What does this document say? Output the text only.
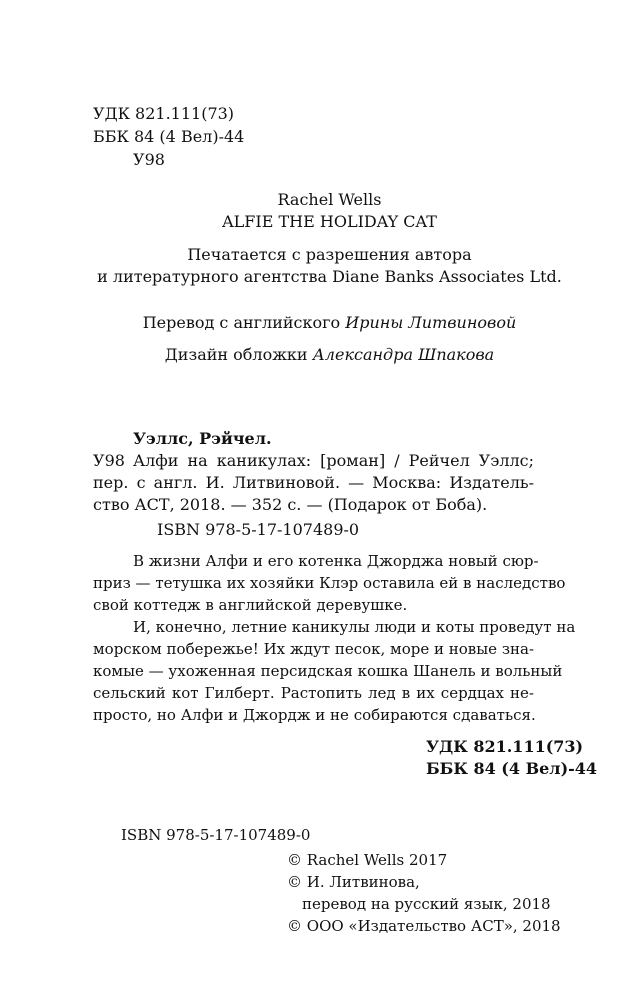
УДК 821.111(73)
ББК 84 (4 Вел)-44
У98
Rachel Wells
ALFIE THE HOLIDAY CAT
Печатается с разрешения автора
и литературного агентства Diane Banks Associates Ltd.
Перевод с английского Ирины Литвиновой
Дизайн обложки Александра Шпакова
Уэллс, Рэйчел.
У98 Алфи на каникулах: [роман] / Рейчел Уэллс;
пер. с англ. И. Литвиновой. — Москва: Издатель-
ство АСТ, 2018. — 352 с. — (Подарок от Боба).
ISBN 978-5-17-107489-0
В жизни Алфи и его котенка Джорджа новый сюр-
приз — тетушка их хозяйки Клэр оставила ей в наследство
свой коттедж в английской деревушке.
И, конечно, летние каникулы люди и коты проведут на
морском побережье! Их ждут песок, море и новые зна-
комые — ухоженная персидская кошка Шанель и вольный
сельский кот Гилберт. Растопить лед в их сердцах не-
просто, но Алфи и Джордж и не собираются сдаваться.
УДК 821.111(73)
ББК 84 (4 Вел)-44
ISBN 978-5-17-107489-0
© Rachel Wells 2017
© И. Литвинова,
перевод на русский язык, 2018
© ООО «Издательство АСТ», 2018
